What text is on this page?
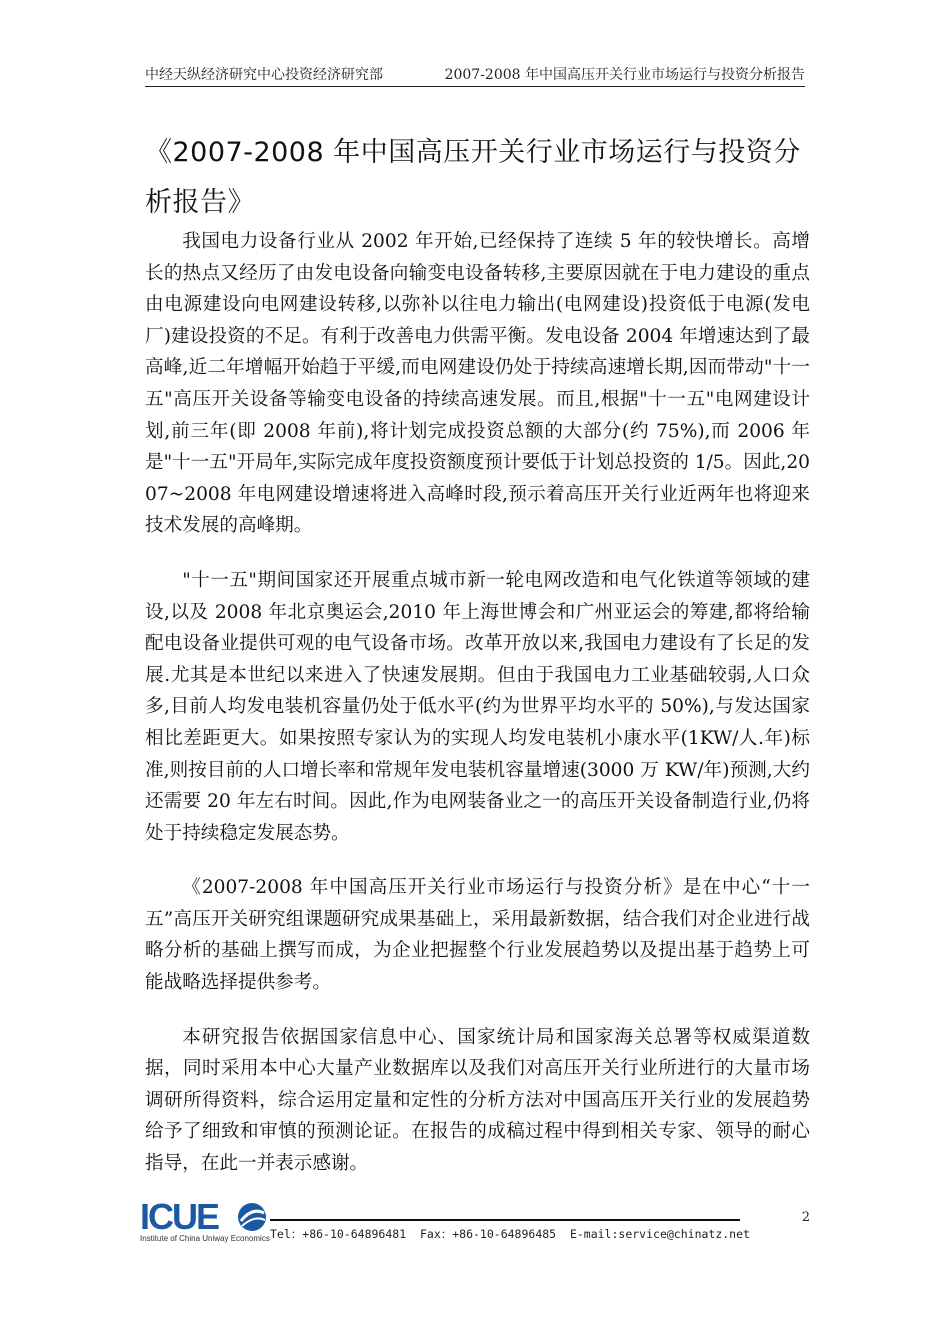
中经天纵经济研究中心投资经济研究部	2007-2008 年中国高压开关行业市场运行与投资分析报告
《2007-2008 年中国高压开关行业市场运行与投资分析报告》

我国电力设备行业从 2002 年开始,已经保持了连续 5 年的较快增长。高增长的热点又经历了由发电设备向输变电设备转移,主要原因就在于电力建设的重点由电源建设向电网建设转移,以弥补以往电力输出(电网建设)投资低于电源(发电厂)建设投资的不足。有利于改善电力供需平衡。发电设备 2004 年增速达到了最高峰,近二年增幅开始趋于平缓,而电网建设仍处于持续高速增长期,因而带动"十一五"高压开关设备等输变电设备的持续高速发展。而且,根据"十一五"电网建设计划,前三年(即 2008 年前),将计划完成投资总额的大部分(约 75%),而 2006 年是"十一五"开局年,实际完成年度投资额度预计要低于计划总投资的 1/5。因此,2007~2008 年电网建设增速将进入高峰时段,预示着高压开关行业近两年也将迎来技术发展的高峰期。

"十一五"期间国家还开展重点城市新一轮电网改造和电气化铁道等领域的建设,以及 2008 年北京奥运会,2010 年上海世博会和广州亚运会的筹建,都将给输配电设备业提供可观的电气设备市场。改革开放以来,我国电力建设有了长足的发展.尤其是本世纪以来进入了快速发展期。但由于我国电力工业基础较弱,人口众多,目前人均发电装机容量仍处于低水平(约为世界平均水平的 50%),与发达国家相比差距更大。如果按照专家认为的实现人均发电装机小康水平(1KW/人.年)标准,则按目前的人口增长率和常规年发电装机容量增速(3000 万 KW/年)预测,大约还需要 20 年左右时间。因此,作为电网装备业之一的高压开关设备制造行业,仍将处于持续稳定发展态势。

《2007-2008 年中国高压开关行业市场运行与投资分析》是在中心“十一五”高压开关研究组课题研究成果基础上，采用最新数据，结合我们对企业进行战略分析的基础上撰写而成，为企业把握整个行业发展趋势以及提出基于趋势上可能战略选择提供参考。

本研究报告依据国家信息中心、国家统计局和国家海关总署等权威渠道数据，同时采用本中心大量产业数据库以及我们对高压开关行业所进行的大量市场调研所得资料，综合运用定量和定性的分析方法对中国高压开关行业的发展趋势给予了细致和审慎的预测论证。在报告的成稿过程中得到相关专家、领导的耐心指导，在此一并表示感谢。

ICUE
Institute of China Uniway Economics Tel：+86-10-64896481  Fax：+86-10-64896485  E-mail:service@chinatz.net
2
